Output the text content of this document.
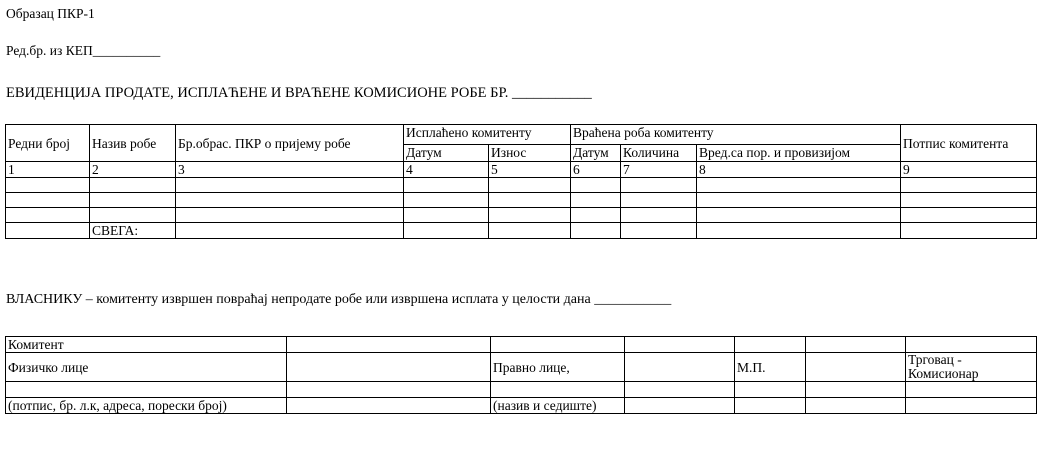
Образац ПКР-1
Ред.бр. из КЕП__________
ЕВИДЕНЦИЈА ПРОДАТЕ, ИСПЛАЋЕНЕ И ВРАЋЕНЕ КОМИСИОНЕ РОБЕ БР. ___________
Редни број	Назив робе	Бр.обрас. ПКР о пријему робе	Исплаћено комитенту		Враћена роба комитенту			Потпис комитента
			Датум	Износ	Датум	Количина	Вред.са пор. и провизијом	
1	2	3	4	5	6	7	8	9

	СВЕГА:							
ВЛАСНИКУ – комитенту извршен повраћај непродате робе или извршена исплата у целости дана ___________
Комитент						
Физичко лице		Правно лице,		М.П.		Трговац - Комисионар

(потпис, бр. л.к, адреса, порески број)		(назив и седиште)				
